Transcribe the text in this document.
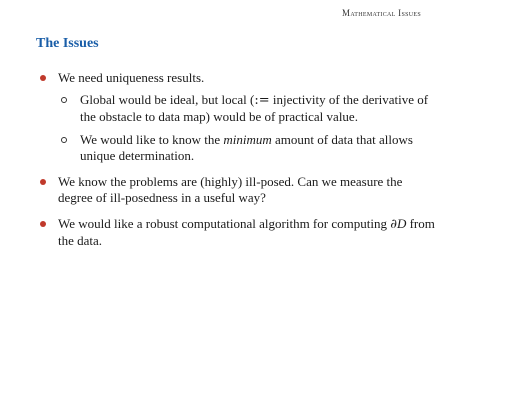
Mathematical Issues
The Issues
We need uniqueness results.
Global would be ideal, but local (:= injectivity of the derivative of the obstacle to data map) would be of practical value.
We would like to know the minimum amount of data that allows unique determination.
We know the problems are (highly) ill-posed. Can we measure the degree of ill-posedness in a useful way?
We would like a robust computational algorithm for computing ∂D from the data.
